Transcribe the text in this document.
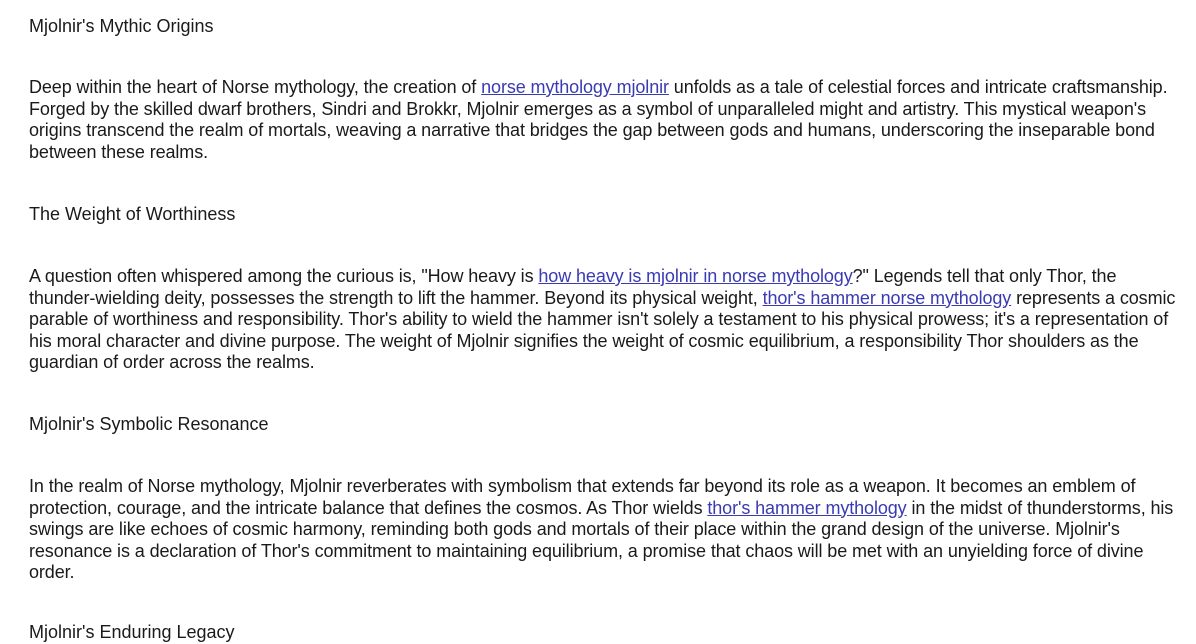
Mjolnir's Mythic Origins

Deep within the heart of Norse mythology, the creation of norse mythology mjolnir unfolds as a tale of celestial forces and intricate craftsmanship. Forged by the skilled dwarf brothers, Sindri and Brokkr, Mjolnir emerges as a symbol of unparalleled might and artistry. This mystical weapon's origins transcend the realm of mortals, weaving a narrative that bridges the gap between gods and humans, underscoring the inseparable bond between these realms.

The Weight of Worthiness

A question often whispered among the curious is, "How heavy is how heavy is mjolnir in norse mythology?" Legends tell that only Thor, the thunder-wielding deity, possesses the strength to lift the hammer. Beyond its physical weight, thor's hammer norse mythology represents a cosmic parable of worthiness and responsibility. Thor's ability to wield the hammer isn't solely a testament to his physical prowess; it's a representation of his moral character and divine purpose. The weight of Mjolnir signifies the weight of cosmic equilibrium, a responsibility Thor shoulders as the guardian of order across the realms.

Mjolnir's Symbolic Resonance

In the realm of Norse mythology, Mjolnir reverberates with symbolism that extends far beyond its role as a weapon. It becomes an emblem of protection, courage, and the intricate balance that defines the cosmos. As Thor wields thor's hammer mythology in the midst of thunderstorms, his swings are like echoes of cosmic harmony, reminding both gods and mortals of their place within the grand design of the universe. Mjolnir's resonance is a declaration of Thor's commitment to maintaining equilibrium, a promise that chaos will be met with an unyielding force of divine order.

Mjolnir's Enduring Legacy
